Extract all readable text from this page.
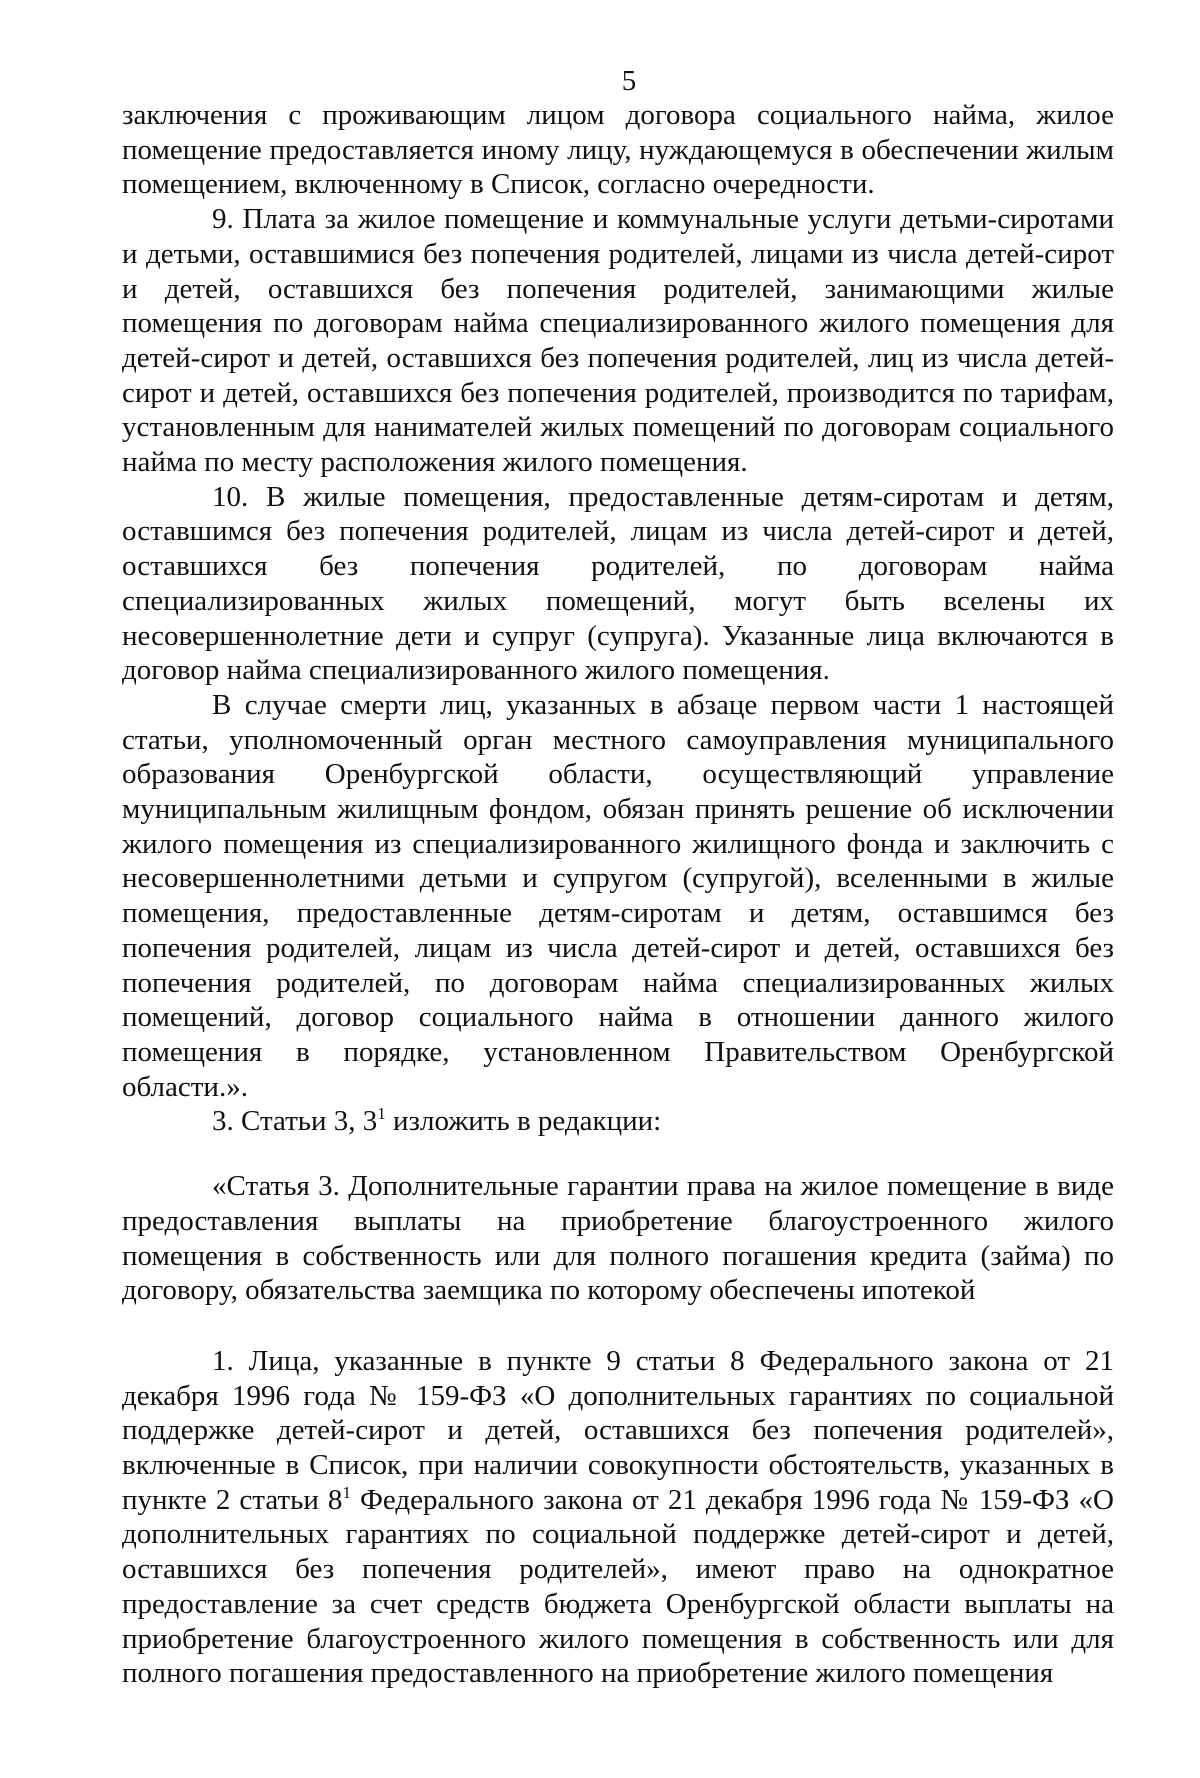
5

заключения с проживающим лицом договора социального найма, жилое помещение предоставляется иному лицу, нуждающемуся в обеспечении жилым помещением, включенному в Список, согласно очередности.

9. Плата за жилое помещение и коммунальные услуги детьми-сиротами и детьми, оставшимися без попечения родителей, лицами из числа детей-сирот и детей, оставшихся без попечения родителей, занимающими жилые помещения по договорам найма специализированного жилого помещения для детей-сирот и детей, оставшихся без попечения родителей, лиц из числа детей-сирот и детей, оставшихся без попечения родителей, производится по тарифам, установленным для нанимателей жилых помещений по договорам социального найма по месту расположения жилого помещения.

10. В жилые помещения, предоставленные детям-сиротам и детям, оставшимся без попечения родителей, лицам из числа детей-сирот и детей, оставшихся без попечения родителей, по договорам найма специализированных жилых помещений, могут быть вселены их несовершеннолетние дети и супруг (супруга). Указанные лица включаются в договор найма специализированного жилого помещения.

В случае смерти лиц, указанных в абзаце первом части 1 настоящей статьи, уполномоченный орган местного самоуправления муниципального образования Оренбургской области, осуществляющий управление муниципальным жилищным фондом, обязан принять решение об исключении жилого помещения из специализированного жилищного фонда и заключить с несовершеннолетними детьми и супругом (супругой), вселенными в жилые помещения, предоставленные детям-сиротам и детям, оставшимся без попечения родителей, лицам из числа детей-сирот и детей, оставшихся без попечения родителей, по договорам найма специализированных жилых помещений, договор социального найма в отношении данного жилого помещения в порядке, установленном Правительством Оренбургской области.».

3. Статьи 3, $3^1$ изложить в редакции:

«Статья 3. Дополнительные гарантии права на жилое помещение в виде предоставления выплаты на приобретение благоустроенного жилого помещения в собственность или для полного погашения кредита (займа) по договору, обязательства заемщика по которому обеспечены ипотекой

1. Лица, указанные в пункте 9 статьи 8 Федерального закона от 21 декабря 1996 года № 159-ФЗ «О дополнительных гарантиях по социальной поддержке детей-сирот и детей, оставшихся без попечения родителей», включенные в Список, при наличии совокупности обстоятельств, указанных в пункте 2 статьи $8^1$ Федерального закона от 21 декабря 1996 года № 159-ФЗ «О дополнительных гарантиях по социальной поддержке детей-сирот и детей, оставшихся без попечения родителей», имеют право на однократное предоставление за счет средств бюджета Оренбургской области выплаты на приобретение благоустроенного жилого помещения в собственность или для полного погашения предоставленного на приобретение жилого помещения
